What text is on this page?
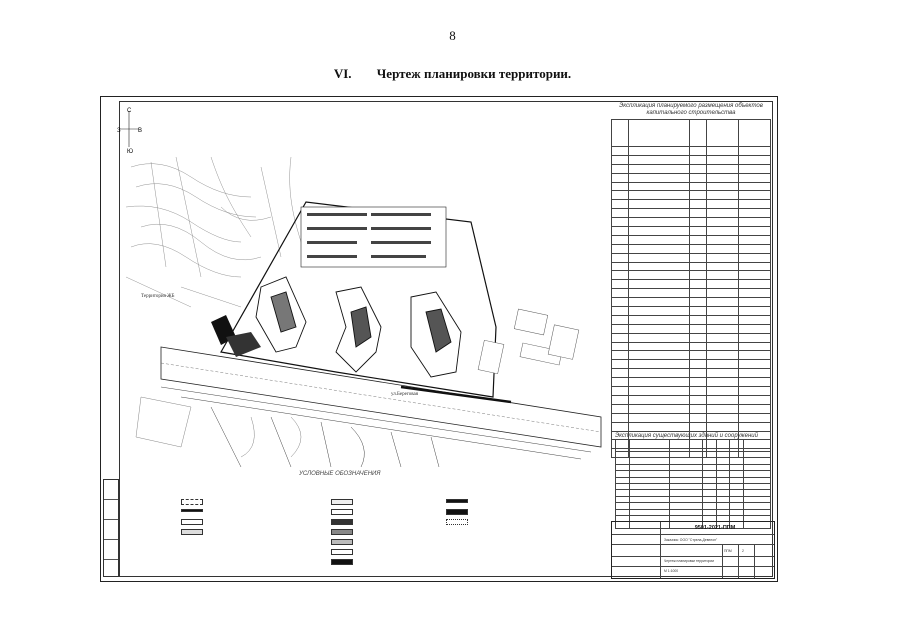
8
VI. Чертеж планировки территории.
С
Ю
З	В
ул.Береговая
Территория ЖБ
Экспликация планируемого размещения объектов капитального строительства

Экспликация существующих зданий и сооружений

9501-2021-ППМ
Заказчик: ООО "Стрела-Девелоп"
ППМ	2
Чертеж планировки территории
М 1:1000
УСЛОВНЫЕ ОБОЗНАЧЕНИЯ
